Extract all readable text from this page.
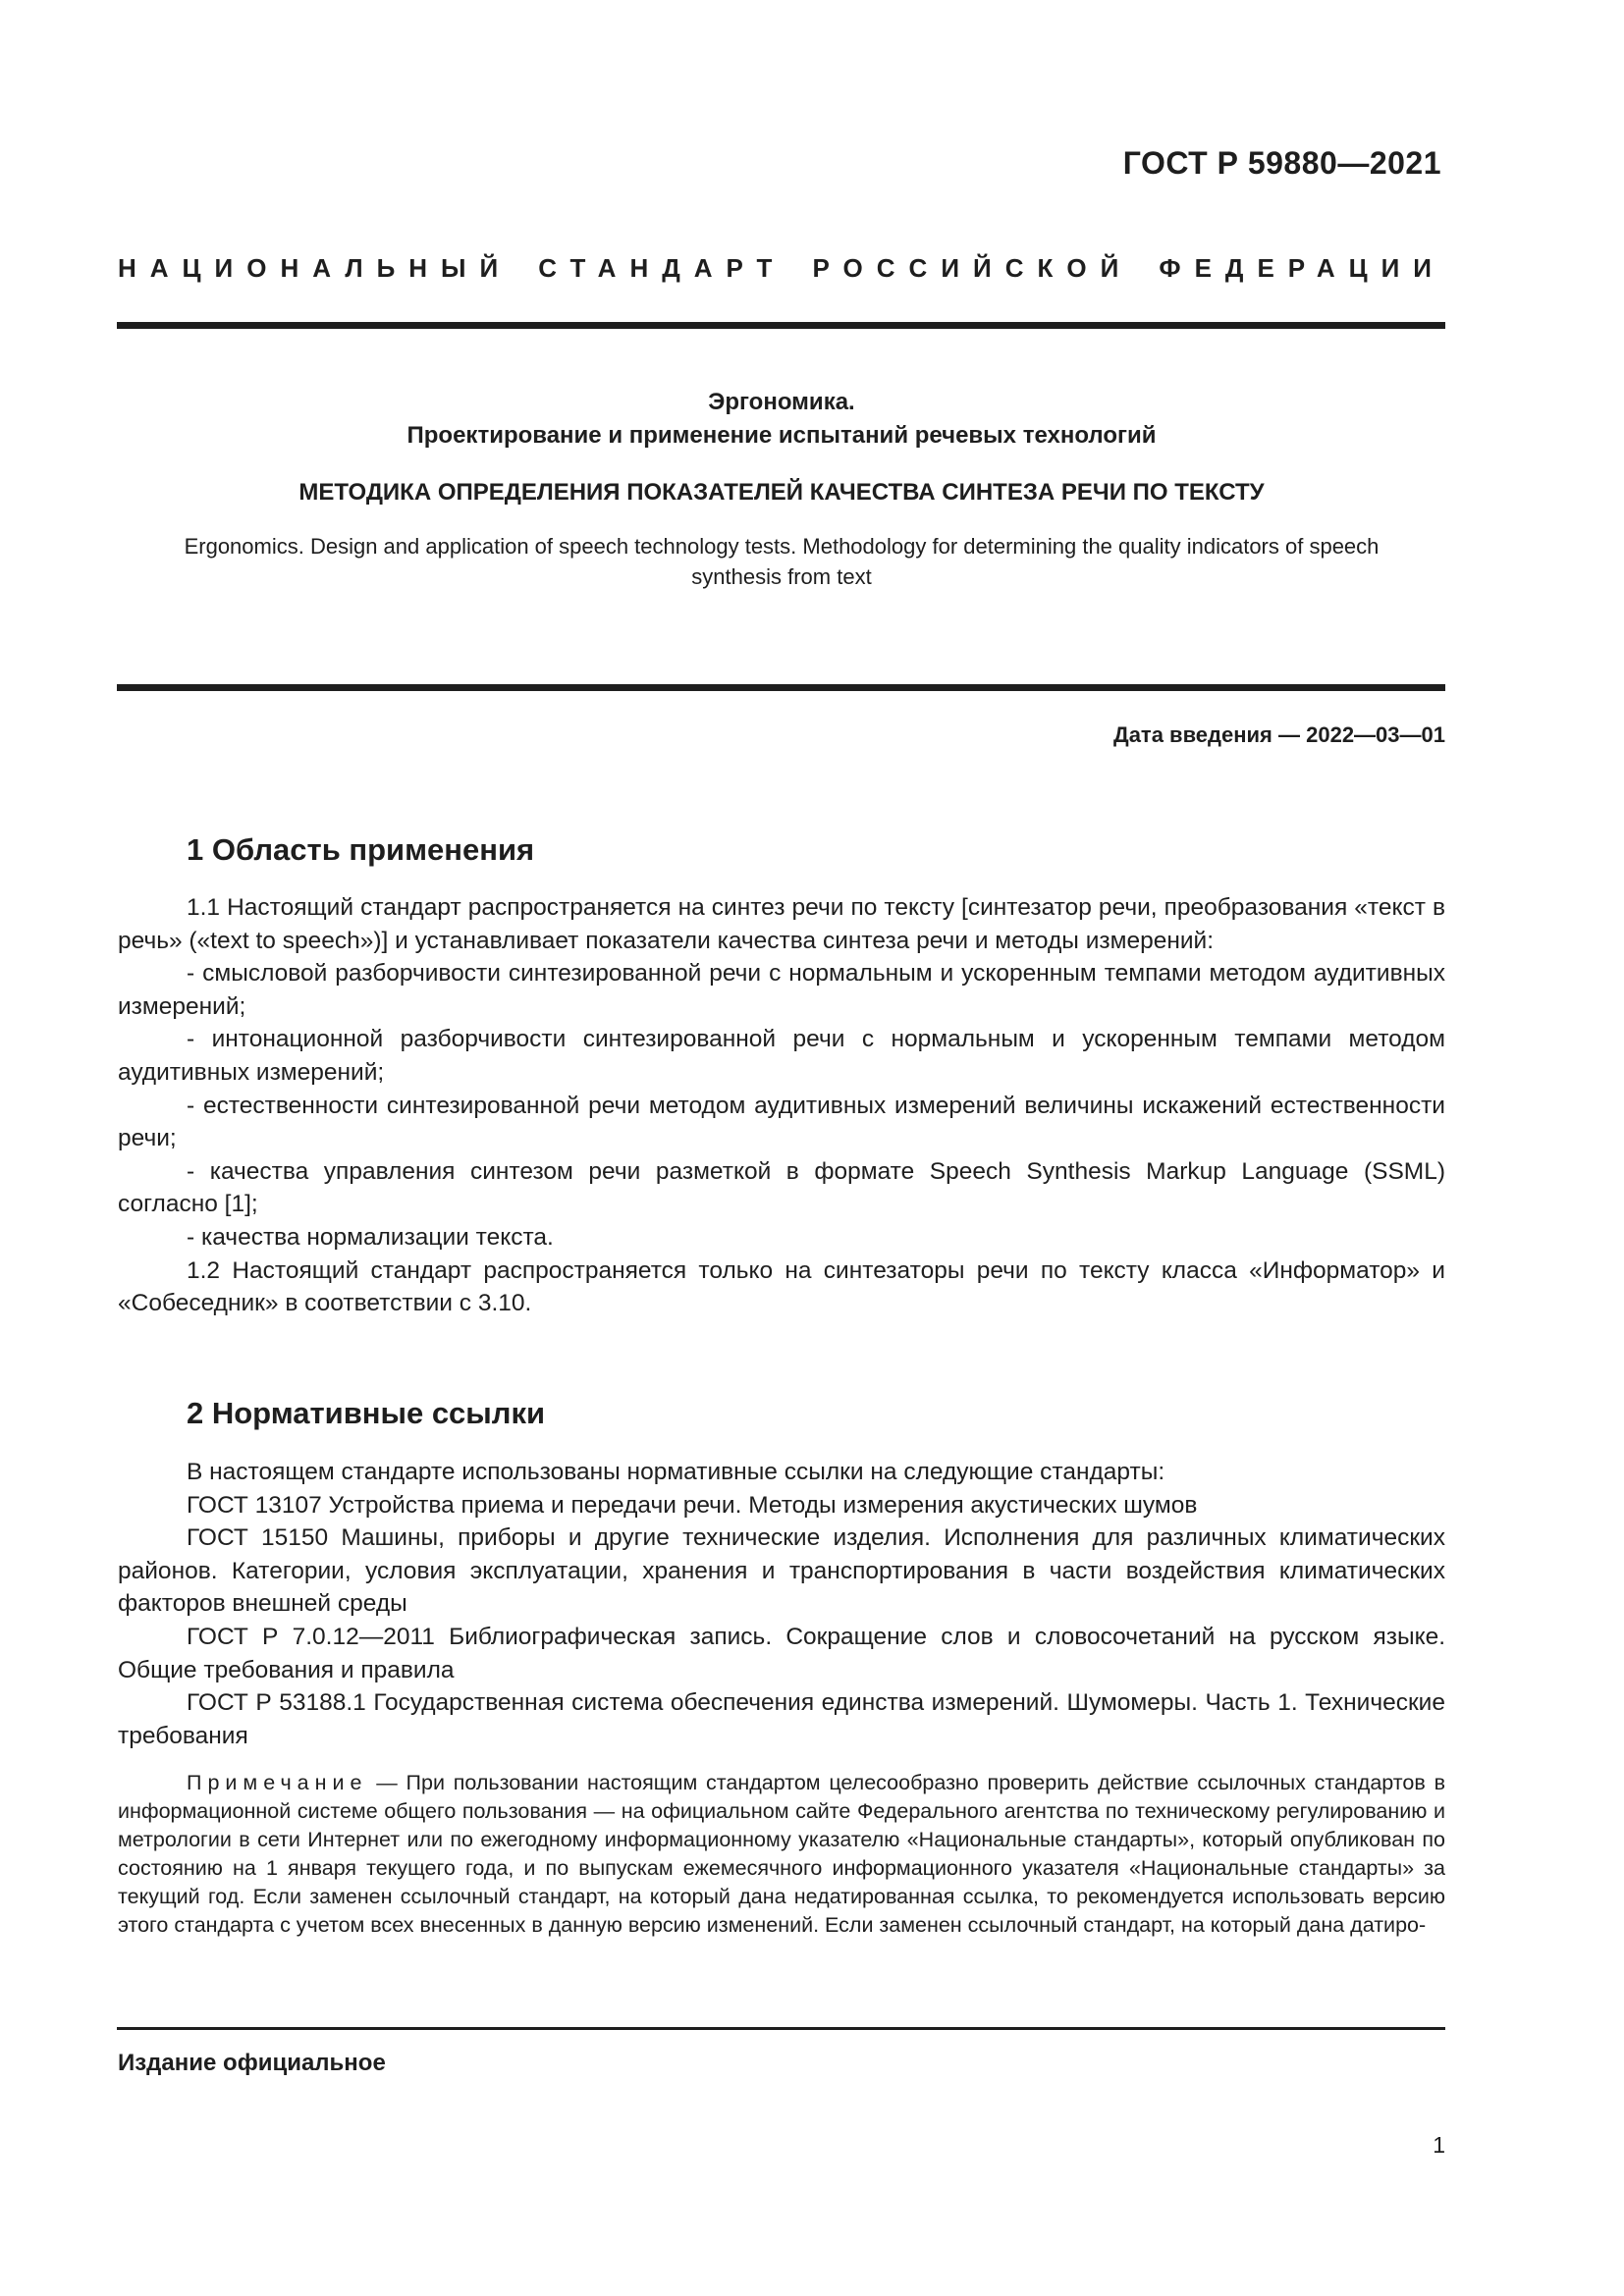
ГОСТ Р 59880—2021
НАЦИОНАЛЬНЫЙ СТАНДАРТ РОССИЙСКОЙ ФЕДЕРАЦИИ
Эргономика.
Проектирование и применение испытаний речевых технологий
МЕТОДИКА ОПРЕДЕЛЕНИЯ ПОКАЗАТЕЛЕЙ КАЧЕСТВА СИНТЕЗА РЕЧИ ПО ТЕКСТУ
Ergonomics. Design and application of speech technology tests. Methodology for determining the quality indicators of speech synthesis from text
Дата введения — 2022—03—01
1 Область применения

1.1 Настоящий стандарт распространяется на синтез речи по тексту [синтезатор речи, преобразования «текст в речь» («text to speech»)] и устанавливает показатели качества синтеза речи и методы измерений:

- смысловой разборчивости синтезированной речи с нормальным и ускоренным темпами методом аудитивных измерений;

- интонационной разборчивости синтезированной речи с нормальным и ускоренным темпами методом аудитивных измерений;

- естественности синтезированной речи методом аудитивных измерений величины искажений естественности речи;

- качества управления синтезом речи разметкой в формате Speech Synthesis Markup Language (SSML) согласно [1];

- качества нормализации текста.

1.2 Настоящий стандарт распространяется только на синтезаторы речи по тексту класса «Информатор» и «Собеседник» в соответствии с 3.10.

2 Нормативные ссылки

В настоящем стандарте использованы нормативные ссылки на следующие стандарты:

ГОСТ 13107 Устройства приема и передачи речи. Методы измерения акустических шумов

ГОСТ 15150 Машины, приборы и другие технические изделия. Исполнения для различных климатических районов. Категории, условия эксплуатации, хранения и транспортирования в части воздействия климатических факторов внешней среды

ГОСТ Р 7.0.12—2011 Библиографическая запись. Сокращение слов и словосочетаний на русском языке. Общие требования и правила

ГОСТ Р 53188.1 Государственная система обеспечения единства измерений. Шумомеры. Часть 1. Технические требования

Примечание — При пользовании настоящим стандартом целесообразно проверить действие ссылочных стандартов в информационной системе общего пользования — на официальном сайте Федерального агентства по техническому регулированию и метрологии в сети Интернет или по ежегодному информационному указателю «Национальные стандарты», который опубликован по состоянию на 1 января текущего года, и по выпускам ежемесячного информационного указателя «Национальные стандарты» за текущий год. Если заменен ссылочный стандарт, на который дана недатированная ссылка, то рекомендуется использовать версию этого стандарта с учетом всех внесенных в данную версию изменений. Если заменен ссылочный стандарт, на который дана датиро-
Издание официальное
1
